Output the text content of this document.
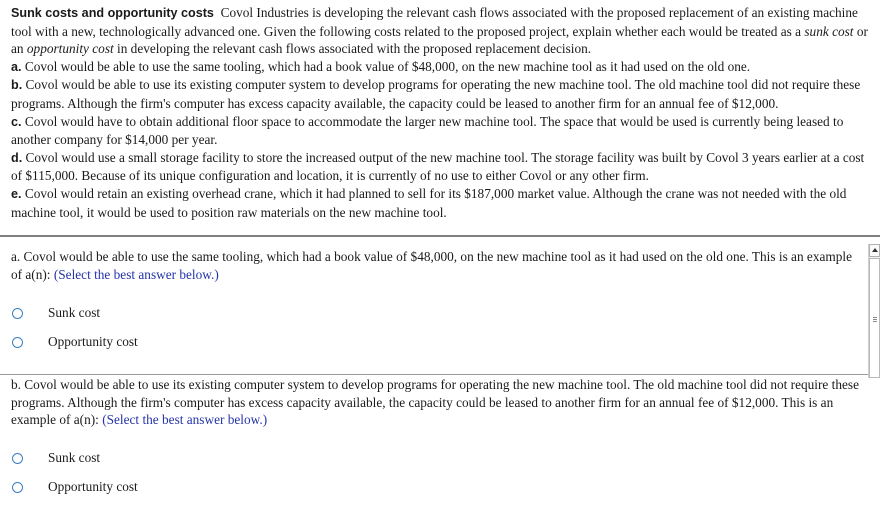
Sunk costs and opportunity costs Covol Industries is developing the relevant cash flows associated with the proposed replacement of an existing machine tool with a new, technologically advanced one. Given the following costs related to the proposed project, explain whether each would be treated as a sunk cost or an opportunity cost in developing the relevant cash flows associated with the proposed replacement decision.

a. Covol would be able to use the same tooling, which had a book value of $48,000, on the new machine tool as it had used on the old one.

b. Covol would be able to use its existing computer system to develop programs for operating the new machine tool. The old machine tool did not require these programs. Although the firm's computer has excess capacity available, the capacity could be leased to another firm for an annual fee of $12,000.

c. Covol would have to obtain additional floor space to accommodate the larger new machine tool. The space that would be used is currently being leased to another company for $14,000 per year.

d. Covol would use a small storage facility to store the increased output of the new machine tool. The storage facility was built by Covol 3 years earlier at a cost of $115,000. Because of its unique configuration and location, it is currently of no use to either Covol or any other firm.

e. Covol would retain an existing overhead crane, which it had planned to sell for its $187,000 market value. Although the crane was not needed with the old machine tool, it would be used to position raw materials on the new machine tool.

a. Covol would be able to use the same tooling, which had a book value of $48,000, on the new machine tool as it had used on the old one. This is an example of a(n): (Select the best answer below.)

Sunk cost
Opportunity cost

b. Covol would be able to use its existing computer system to develop programs for operating the new machine tool. The old machine tool did not require these programs. Although the firm's computer has excess capacity available, the capacity could be leased to another firm for an annual fee of $12,000. This is an example of a(n): (Select the best answer below.)

Sunk cost
Opportunity cost
